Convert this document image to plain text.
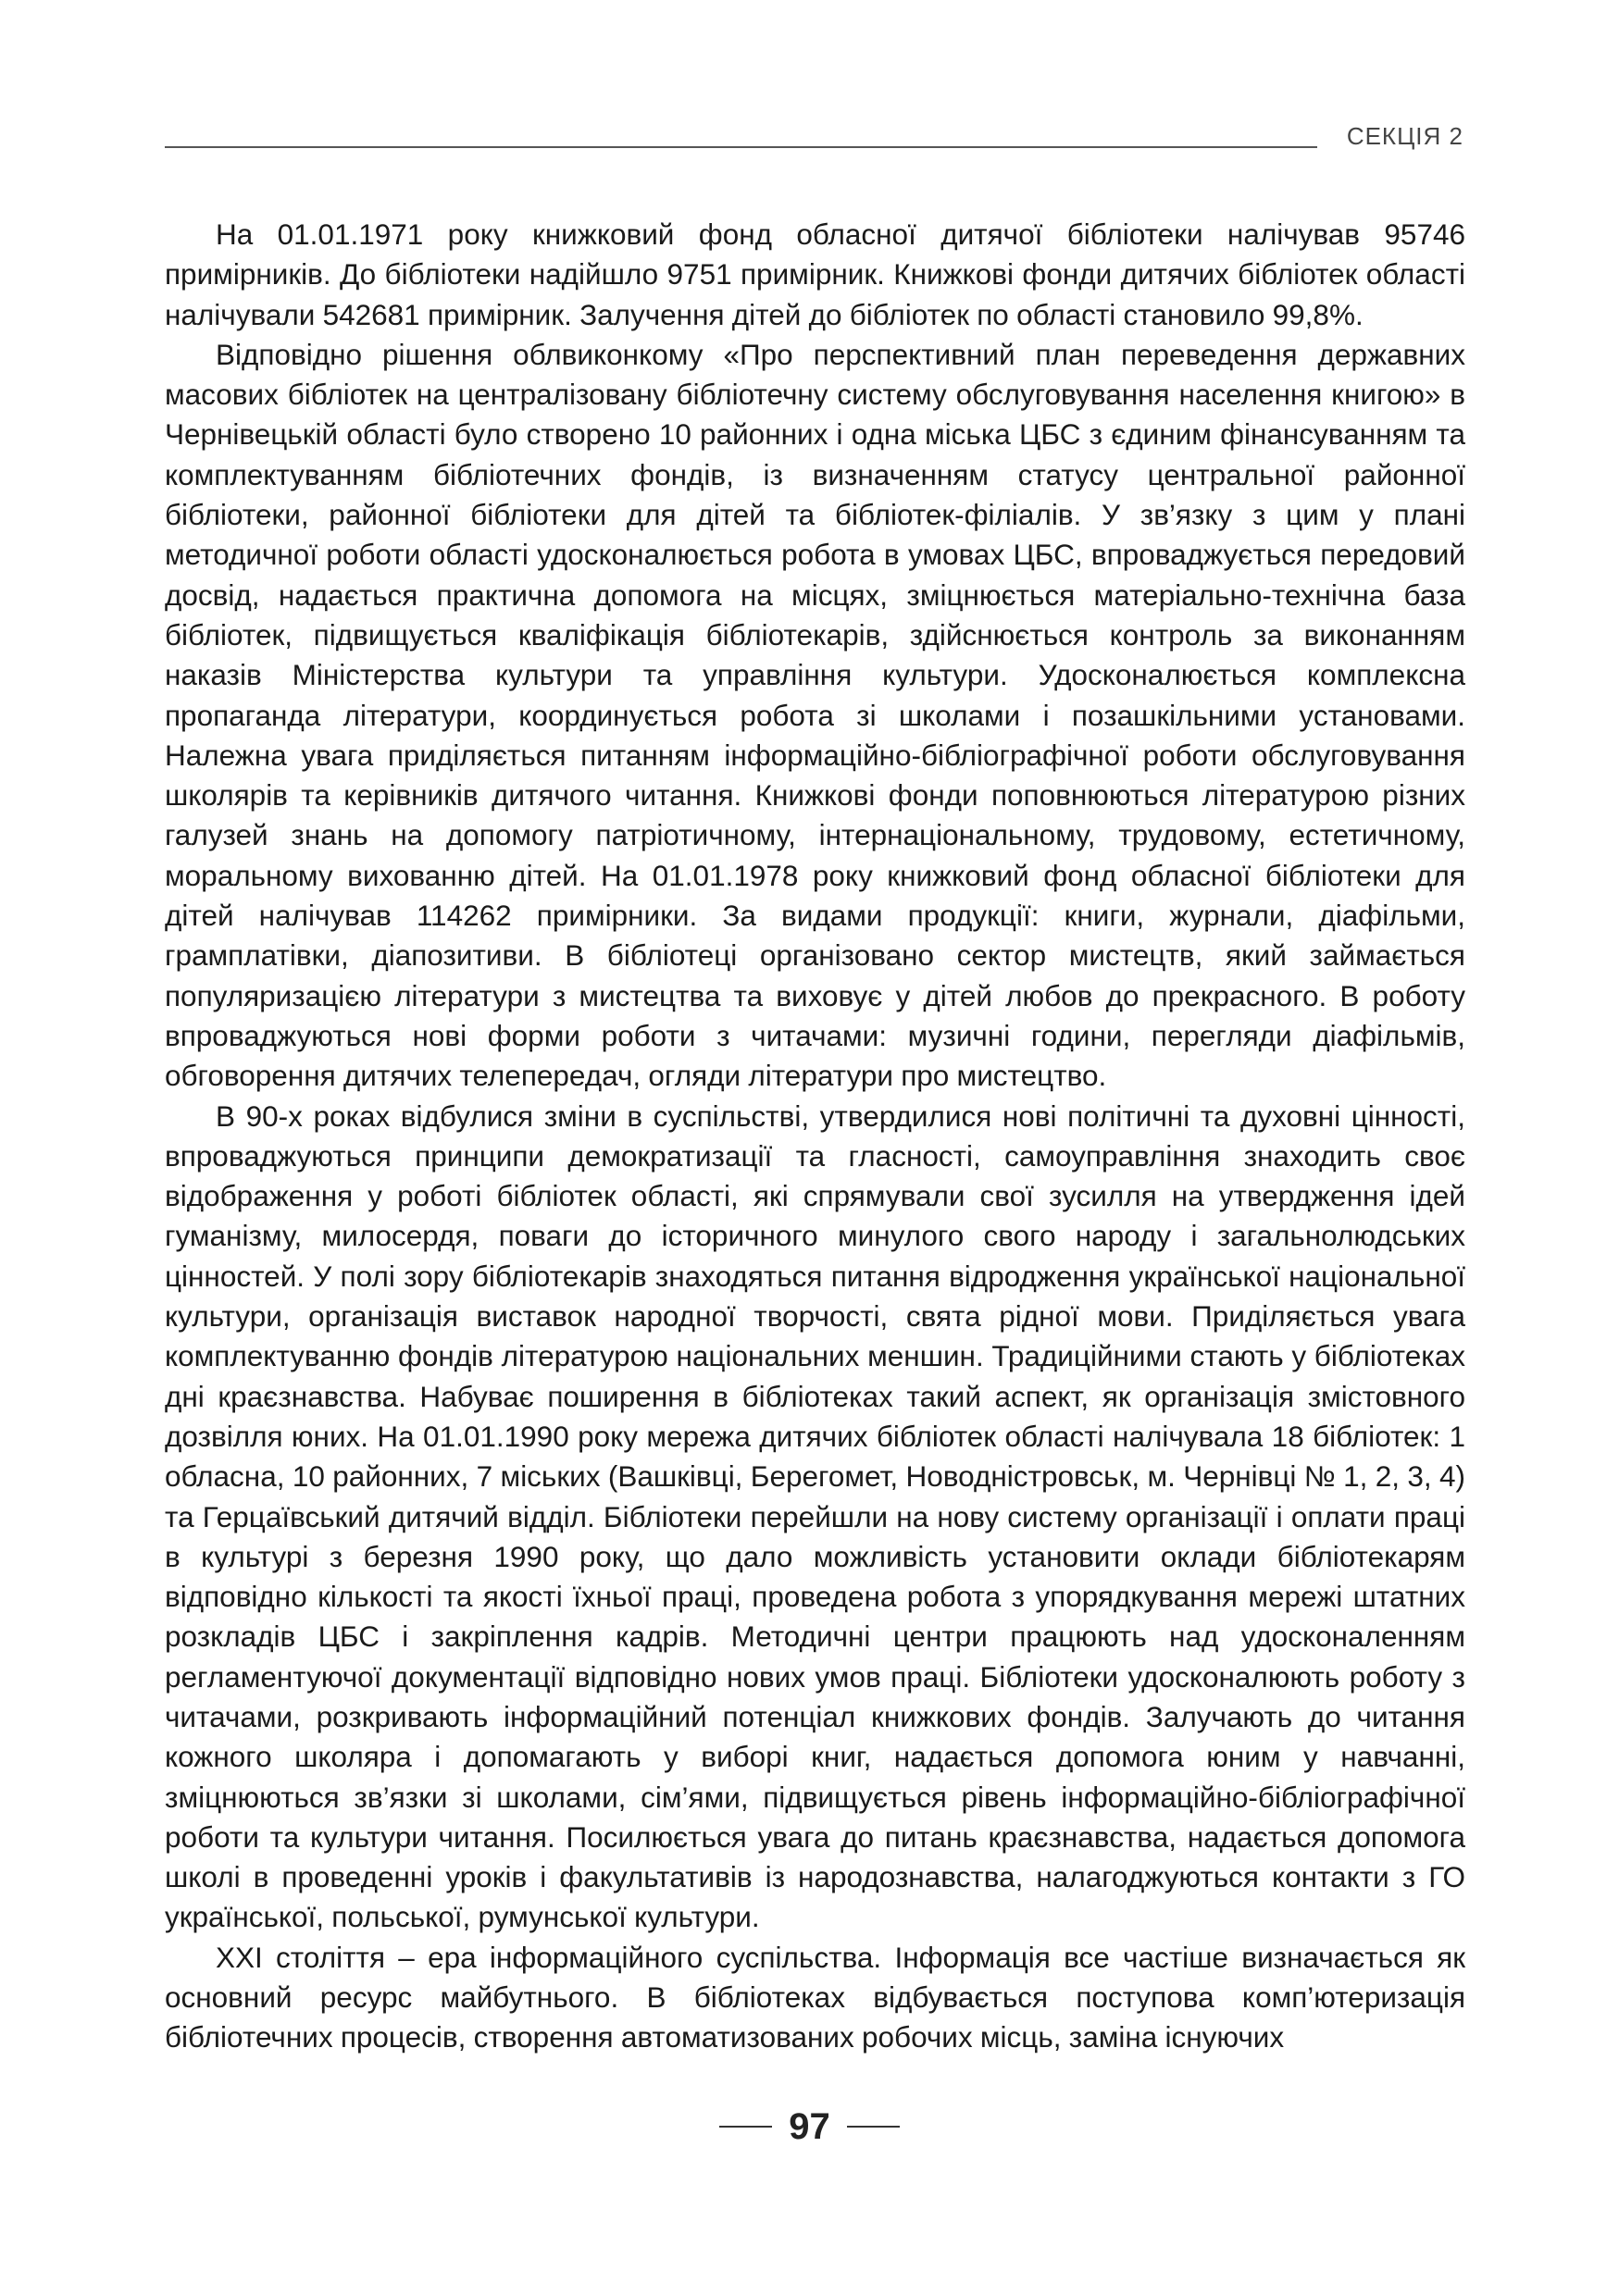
СЕКЦІЯ 2

На 01.01.1971 року книжковий фонд обласної дитячої бібліотеки налічував 95746 примірників. До бібліотеки надійшло 9751 примірник. Книжкові фонди дитячих бібліотек області налічували 542681 примірник. Залучення дітей до бібліотек по області становило 99,8%.

Відповідно рішення облвиконкому «Про перспективний план переведення державних масових бібліотек на централізовану бібліотечну систему обслуговування населення книгою» в Чернівецькій області було створено 10 районних і одна міська ЦБС з єдиним фінансуванням та комплектуванням бібліотечних фондів, із визначенням статусу центральної районної бібліотеки, районної бібліотеки для дітей та бібліотек-філіалів. У зв’язку з цим у плані методичної роботи області удосконалюється робота в умовах ЦБС, впроваджується передовий досвід, надається практична допомога на місцях, зміцнюється матеріально-технічна база бібліотек, підвищується кваліфікація бібліотекарів, здійснюється контроль за виконанням наказів Міністерства культури та управління культури. Удосконалюється комплексна пропаганда літератури, координується робота зі школами і позашкільними установами. Належна увага приділяється питанням інформаційно-бібліографічної роботи обслуговування школярів та керівників дитячого читання. Книжкові фонди поповнюються літературою різних галузей знань на допомогу патріотичному, інтернаціональному, трудовому, естетичному, моральному вихованню дітей. На 01.01.1978 року книжковий фонд обласної бібліотеки для дітей налічував 114262 примірники. За видами продукції: книги, журнали, діафільми, грамплатівки, діапозитиви. В бібліотеці організовано сектор мистецтв, який займається популяризацією літератури з мистецтва та виховує у дітей любов до прекрасного. В роботу впроваджуються нові форми роботи з читачами: музичні години, перегляди діафільмів, обговорення дитячих телепередач, огляди літератури про мистецтво.

В 90-х роках відбулися зміни в суспільстві, утвердилися нові політичні та духовні цінності, впроваджуються принципи демократизації та гласності, самоуправління знаходить своє відображення у роботі бібліотек області, які спрямували свої зусилля на утвердження ідей гуманізму, милосердя, поваги до історичного минулого свого народу і загальнолюдських цінностей. У полі зору бібліотекарів знаходяться питання відродження української національної культури, організація виставок народної творчості, свята рідної мови. Приділяється увага комплектуванню фондів літературою національних меншин. Традиційними стають у бібліотеках дні краєзнавства. Набуває поширення в бібліотеках такий аспект, як організація змістовного дозвілля юних. На 01.01.1990 року мережа дитячих бібліотек області налічувала 18 бібліотек: 1 обласна, 10 районних, 7 міських (Вашківці, Берегомет, Новодністровськ, м. Чернівці № 1, 2, 3, 4) та Герцаївський дитячий відділ. Бібліотеки перейшли на нову систему організації і оплати праці в культурі з березня 1990 року, що дало можливість установити оклади бібліотекарям відповідно кількості та якості їхньої праці, проведена робота з упорядкування мережі штатних розкладів ЦБС і закріплення кадрів. Методичні центри працюють над удосконаленням регламентуючої документації відповідно нових умов праці. Бібліотеки удосконалюють роботу з читачами, розкривають інформаційний потенціал книжкових фондів. Залучають до читання кожного школяра і допомагають у виборі книг, надається допомога юним у навчанні, зміцнюються зв’язки зі школами, сім’ями, підвищується рівень інформаційно-бібліографічної роботи та культури читання. Посилюється увага до питань краєзнавства, надається допомога школі в проведенні уроків і факультативів із народознавства, налагоджуються контакти з ГО української, польської, румунської культури.

XXI століття – ера інформаційного суспільства. Інформація все частіше визначається як основний ресурс майбутнього. В бібліотеках відбувається поступова комп’ютеризація бібліотечних процесів, створення автоматизованих робочих місць, заміна існуючих

97
